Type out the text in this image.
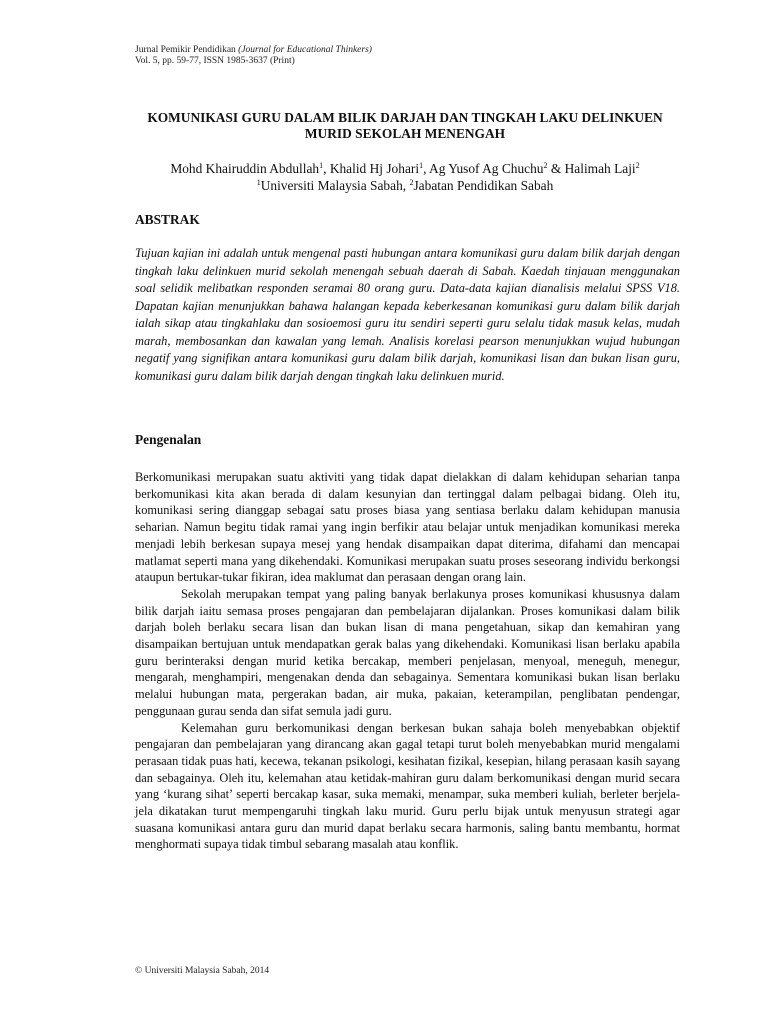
Jurnal Pemikir Pendidikan (Journal for Educational Thinkers)
Vol. 5, pp. 59-77, ISSN 1985-3637 (Print)
KOMUNIKASI GURU DALAM BILIK DARJAH DAN TINGKAH LAKU DELINKUEN
MURID SEKOLAH MENENGAH
Mohd Khairuddin Abdullah$^1$, Khalid Hj Johari$^1$, Ag Yusof Ag Chuchu$^2$ & Halimah Laji$^2$
$^1$Universiti Malaysia Sabah, $^2$Jabatan Pendidikan Sabah
ABSTRAK
Tujuan kajian ini adalah untuk mengenal pasti hubungan antara komunikasi guru dalam bilik darjah dengan tingkah laku delinkuen murid sekolah menengah sebuah daerah di Sabah. Kaedah tinjauan menggunakan soal selidik melibatkan responden seramai 80 orang guru. Data-data kajian dianalisis melalui SPSS V18. Dapatan kajian menunjukkan bahawa halangan kepada keberkesanan komunikasi guru dalam bilik darjah ialah sikap atau tingkahlaku dan sosioemosi guru itu sendiri seperti guru selalu tidak masuk kelas, mudah marah, membosankan dan kawalan yang lemah. Analisis korelasi pearson menunjukkan wujud hubungan negatif yang signifikan antara komunikasi guru dalam bilik darjah, komunikasi lisan dan bukan lisan guru, komunikasi guru dalam bilik darjah dengan tingkah laku delinkuen murid.
Pengenalan

Berkomunikasi merupakan suatu aktiviti yang tidak dapat dielakkan di dalam kehidupan seharian tanpa berkomunikasi kita akan berada di dalam kesunyian dan tertinggal dalam pelbagai bidang. Oleh itu, komunikasi sering dianggap sebagai satu proses biasa yang sentiasa berlaku dalam kehidupan manusia seharian. Namun begitu tidak ramai yang ingin berfikir atau belajar untuk menjadikan komunikasi mereka menjadi lebih berkesan supaya mesej yang hendak disampaikan dapat diterima, difahami dan mencapai matlamat seperti mana yang dikehendaki. Komunikasi merupakan suatu proses seseorang individu berkongsi ataupun bertukar-tukar fikiran, idea maklumat dan perasaan dengan orang lain.

Sekolah merupakan tempat yang paling banyak berlakunya proses komunikasi khususnya dalam bilik darjah iaitu semasa proses pengajaran dan pembelajaran dijalankan. Proses komunikasi dalam bilik darjah boleh berlaku secara lisan dan bukan lisan di mana pengetahuan, sikap dan kemahiran yang disampaikan bertujuan untuk mendapatkan gerak balas yang dikehendaki. Komunikasi lisan berlaku apabila guru berinteraksi dengan murid ketika bercakap, memberi penjelasan, menyoal, meneguh, menegur, mengarah, menghampiri, mengenakan denda dan sebagainya. Sementara komunikasi bukan lisan berlaku melalui hubungan mata, pergerakan badan, air muka, pakaian, keterampilan, penglibatan pendengar, penggunaan gurau senda dan sifat semula jadi guru.

Kelemahan guru berkomunikasi dengan berkesan bukan sahaja boleh menyebabkan objektif pengajaran dan pembelajaran yang dirancang akan gagal tetapi turut boleh menyebabkan murid mengalami perasaan tidak puas hati, kecewa, tekanan psikologi, kesihatan fizikal, kesepian, hilang perasaan kasih sayang dan sebagainya. Oleh itu, kelemahan atau ketidak-mahiran guru dalam berkomunikasi dengan murid secara yang ‘kurang sihat’ seperti bercakap kasar, suka memaki, menampar, suka memberi kuliah, berleter berjela-jela dikatakan turut mempengaruhi tingkah laku murid. Guru perlu bijak untuk menyusun strategi agar suasana komunikasi antara guru dan murid dapat berlaku secara harmonis, saling bantu membantu, hormat menghormati supaya tidak timbul sebarang masalah atau konflik.

© Universiti Malaysia Sabah, 2014
